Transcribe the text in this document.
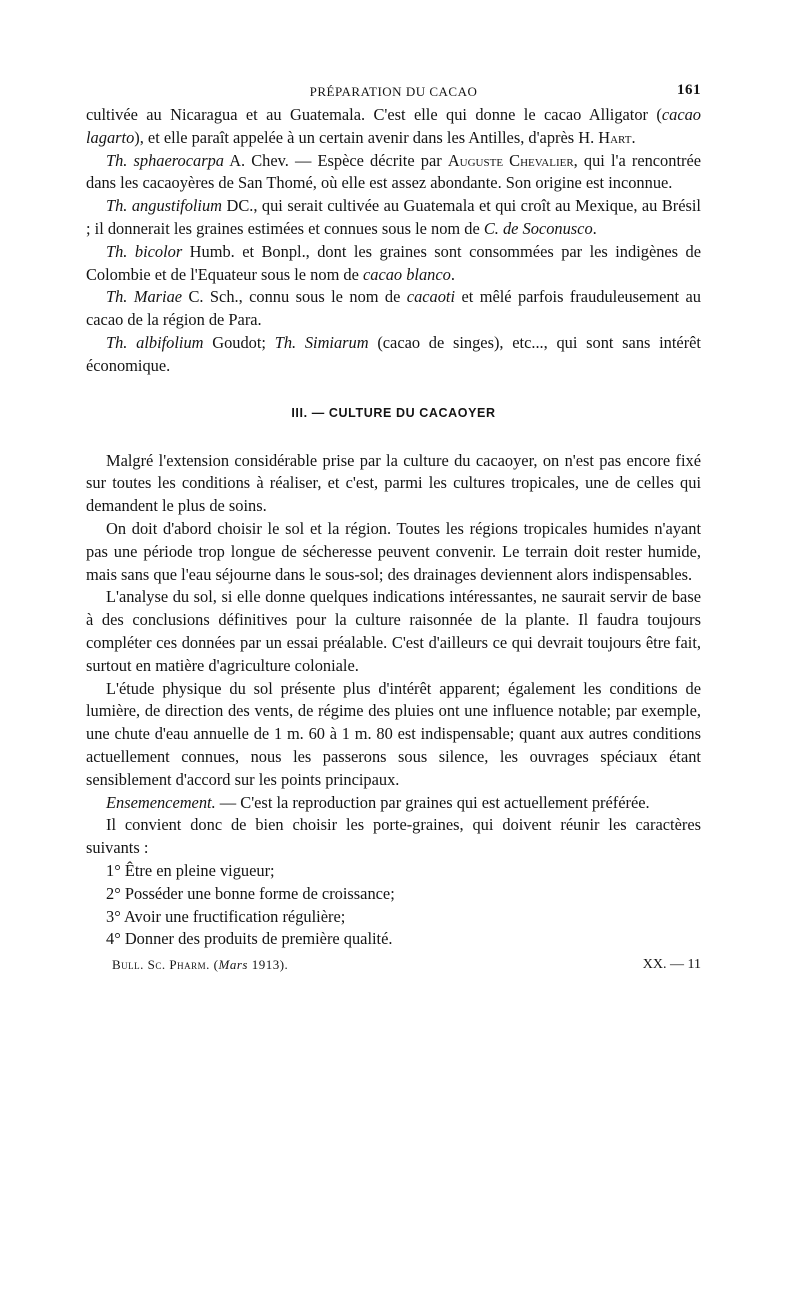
PRÉPARATION DU CACAO	161

cultivée au Nicaragua et au Guatemala. C'est elle qui donne le cacao Alligator (cacao lagarto), et elle paraît appelée à un certain avenir dans les Antilles, d'après H. Hart.

Th. sphaerocarpa A. Chev. — Espèce décrite par Auguste Chevalier, qui l'a rencontrée dans les cacaoyères de San Thomé, où elle est assez abondante. Son origine est inconnue.

Th. angustifolium DC., qui serait cultivée au Guatemala et qui croît au Mexique, au Brésil ; il donnerait les graines estimées et connues sous le nom de C. de Soconusco.

Th. bicolor Humb. et Bonpl., dont les graines sont consommées par les indigènes de Colombie et de l'Equateur sous le nom de cacao blanco.

Th. Mariae C. Sch., connu sous le nom de cacaoti et mêlé parfois frauduleusement au cacao de la région de Para.

Th. albifolium Goudot; Th. Simiarum (cacao de singes), etc..., qui sont sans intérêt économique.

III. — CULTURE DU CACAOYER

Malgré l'extension considérable prise par la culture du cacaoyer, on n'est pas encore fixé sur toutes les conditions à réaliser, et c'est, parmi les cultures tropicales, une de celles qui demandent le plus de soins.

On doit d'abord choisir le sol et la région. Toutes les régions tropicales humides n'ayant pas une période trop longue de sécheresse peuvent convenir. Le terrain doit rester humide, mais sans que l'eau séjourne dans le sous-sol; des drainages deviennent alors indispensables.

L'analyse du sol, si elle donne quelques indications intéressantes, ne saurait servir de base à des conclusions définitives pour la culture raisonnée de la plante. Il faudra toujours compléter ces données par un essai préalable. C'est d'ailleurs ce qui devrait toujours être fait, surtout en matière d'agriculture coloniale.

L'étude physique du sol présente plus d'intérêt apparent; également les conditions de lumière, de direction des vents, de régime des pluies ont une influence notable; par exemple, une chute d'eau annuelle de 1 m. 60 à 1 m. 80 est indispensable; quant aux autres conditions actuellement connues, nous les passerons sous silence, les ouvrages spéciaux étant sensiblement d'accord sur les points principaux.

Ensemencement. — C'est la reproduction par graines qui est actuellement préférée.

Il convient donc de bien choisir les porte-graines, qui doivent réunir les caractères suivants :

1° Être en pleine vigueur;

2° Posséder une bonne forme de croissance;

3° Avoir une fructification régulière;

4° Donner des produits de première qualité.

Bull. Sc. Pharm. (Mars 1913).	XX. — 11
